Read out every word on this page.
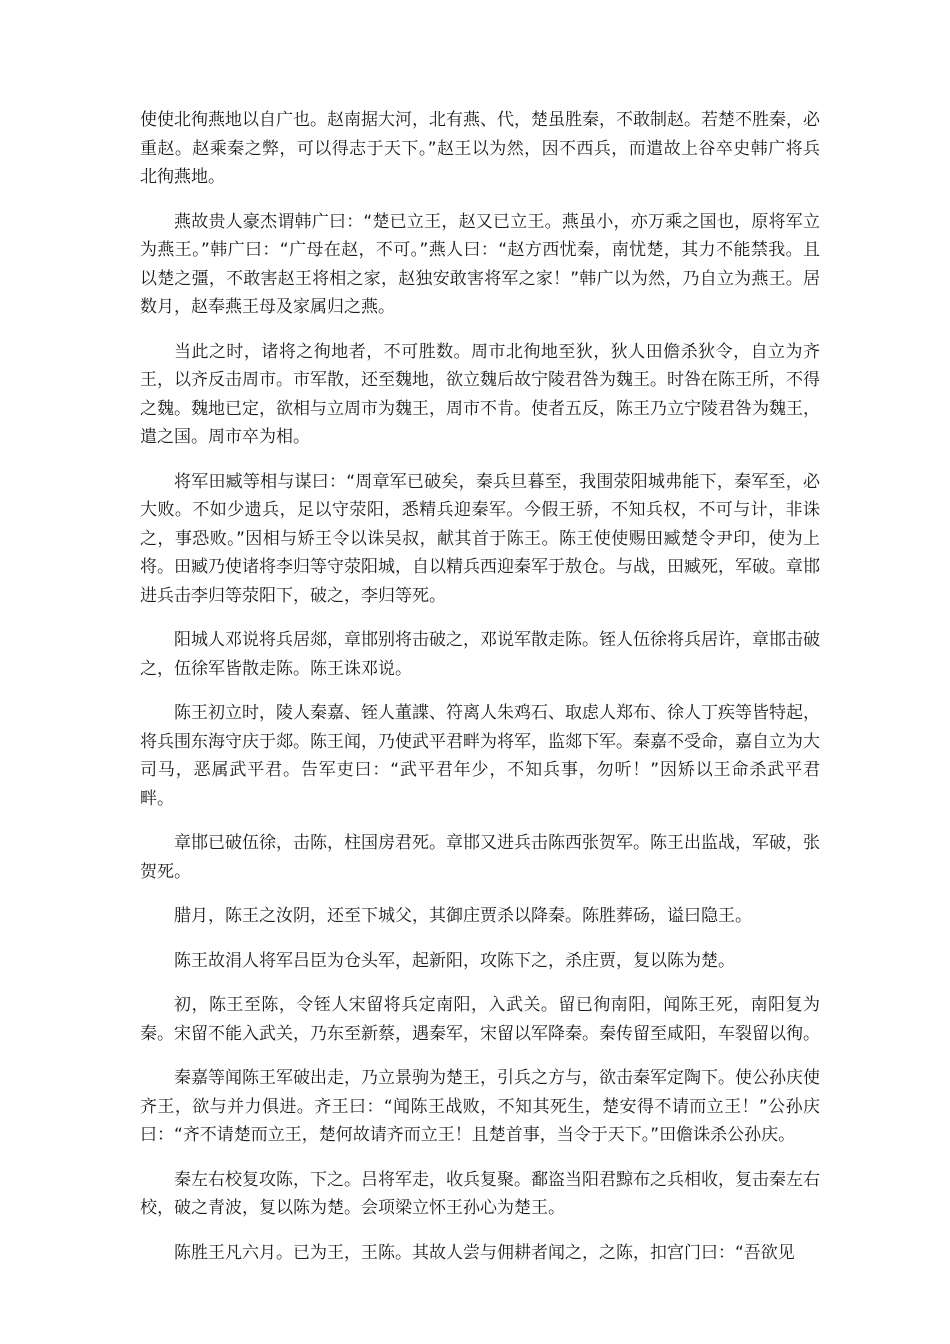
使使北徇燕地以自广也。赵南据大河，北有燕、代，楚虽胜秦，不敢制赵。若楚不胜秦，必重赵。赵乘秦之弊，可以得志于天下。”赵王以为然，因不西兵，而遣故上谷卒史韩广将兵北徇燕地。

燕故贵人豪杰谓韩广曰：“楚已立王，赵又已立王。燕虽小，亦万乘之国也，原将军立为燕王。”韩广曰：“广母在赵，不可。”燕人曰：“赵方西忧秦，南忧楚，其力不能禁我。且以楚之彊，不敢害赵王将相之家，赵独安敢害将军之家！”韩广以为然，乃自立为燕王。居数月，赵奉燕王母及家属归之燕。

当此之时，诸将之徇地者，不可胜数。周市北徇地至狄，狄人田儋杀狄令，自立为齐王，以齐反击周市。市军散，还至魏地，欲立魏后故宁陵君咎为魏王。时咎在陈王所，不得之魏。魏地已定，欲相与立周市为魏王，周市不肯。使者五反，陈王乃立宁陵君咎为魏王，遣之国。周市卒为相。

将军田臧等相与谋曰：“周章军已破矣，秦兵旦暮至，我围荥阳城弗能下，秦军至，必大败。不如少遗兵，足以守荥阳，悉精兵迎秦军。今假王骄，不知兵权，不可与计，非诛之，事恐败。”因相与矫王令以诛吴叔，献其首于陈王。陈王使使赐田臧楚令尹印，使为上将。田臧乃使诸将李归等守荥阳城，自以精兵西迎秦军于敖仓。与战，田臧死，军破。章邯进兵击李归等荥阳下，破之，李归等死。

阳城人邓说将兵居郯，章邯别将击破之，邓说军散走陈。铚人伍徐将兵居许，章邯击破之，伍徐军皆散走陈。陈王诛邓说。

陈王初立时，陵人秦嘉、铚人董諜、符离人朱鸡石、取虑人郑布、徐人丁疾等皆特起，将兵围东海守庆于郯。陈王闻，乃使武平君畔为将军，监郯下军。秦嘉不受命，嘉自立为大司马，恶属武平君。告军吏曰：“武平君年少，不知兵事，勿听！”因矫以王命杀武平君畔。

章邯已破伍徐，击陈，柱国房君死。章邯又进兵击陈西张贺军。陈王出监战，军破，张贺死。

腊月，陈王之汝阴，还至下城父，其御庄贾杀以降秦。陈胜葬砀，谥曰隐王。

陈王故涓人将军吕臣为仓头军，起新阳，攻陈下之，杀庄贾，复以陈为楚。

初，陈王至陈，令铚人宋留将兵定南阳，入武关。留已徇南阳，闻陈王死，南阳复为秦。宋留不能入武关，乃东至新蔡，遇秦军，宋留以军降秦。秦传留至咸阳，车裂留以徇。

秦嘉等闻陈王军破出走，乃立景驹为楚王，引兵之方与，欲击秦军定陶下。使公孙庆使齐王，欲与并力俱进。齐王曰：“闻陈王战败，不知其死生，楚安得不请而立王！”公孙庆曰：“齐不请楚而立王，楚何故请齐而立王！且楚首事，当令于天下。”田儋诛杀公孙庆。

秦左右校复攻陈，下之。吕将军走，收兵复聚。鄱盗当阳君黥布之兵相收，复击秦左右校，破之青波，复以陈为楚。会项梁立怀王孙心为楚王。

陈胜王凡六月。已为王，王陈。其故人尝与佣耕者闻之，之陈，扣宫门曰：“吾欲见
